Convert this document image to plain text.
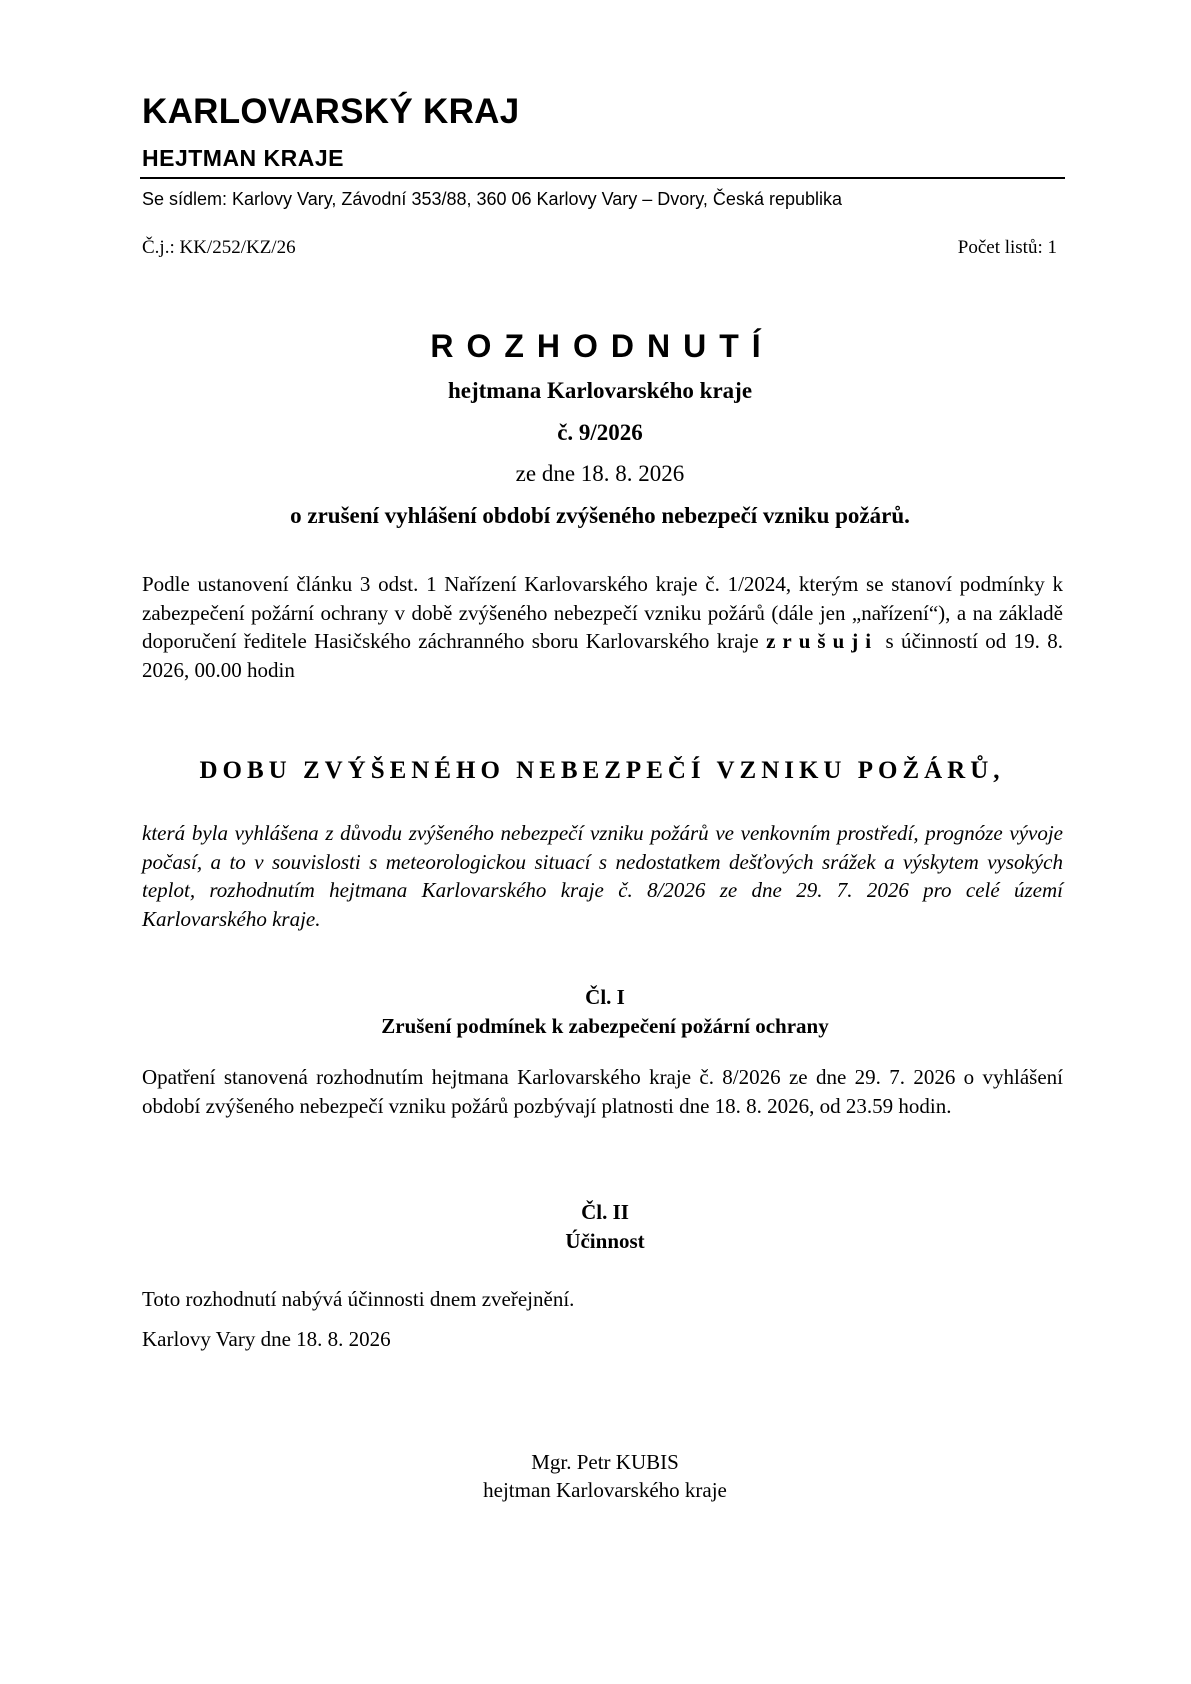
KARLOVARSKÝ KRAJ
HEJTMAN KRAJE
Se sídlem: Karlovy Vary, Závodní 353/88, 360 06 Karlovy Vary – Dvory, Česká republika
Č.j.: KK/252/KZ/26	Počet listů: 1
ROZHODNUTÍ
hejtmana Karlovarského kraje
č. 9/2026
ze dne 18. 8. 2026
o zrušení vyhlášení období zvýšeného nebezpečí vzniku požárů.
Podle ustanovení článku 3 odst. 1 Nařízení Karlovarského kraje č. 1/2024, kterým se stanoví podmínky k zabezpečení požární ochrany v době zvýšeného nebezpečí vzniku požárů (dále jen „nařízení“), a na základě doporučení ředitele Hasičského záchranného sboru Karlovarského kraje zrušuji s účinností od 19. 8. 2026, 00.00 hodin
DOBU ZVÝŠENÉHO NEBEZPEČÍ VZNIKU POŽÁRŮ,
která byla vyhlášena z důvodu zvýšeného nebezpečí vzniku požárů ve venkovním prostředí, prognóze vývoje počasí, a to v souvislosti s meteorologickou situací s nedostatkem dešťových srážek a výskytem vysokých teplot, rozhodnutím hejtmana Karlovarského kraje č. 8/2026 ze dne 29. 7. 2026 pro celé území Karlovarského kraje.
Čl. I
Zrušení podmínek k zabezpečení požární ochrany
Opatření stanovená rozhodnutím hejtmana Karlovarského kraje č. 8/2026 ze dne 29. 7. 2026 o vyhlášení období zvýšeného nebezpečí vzniku požárů pozbývají platnosti dne 18. 8. 2026, od 23.59 hodin.
Čl. II
Účinnost
Toto rozhodnutí nabývá účinnosti dnem zveřejnění.
Karlovy Vary dne 18. 8. 2026
Mgr. Petr KUBIS
hejtman Karlovarského kraje
